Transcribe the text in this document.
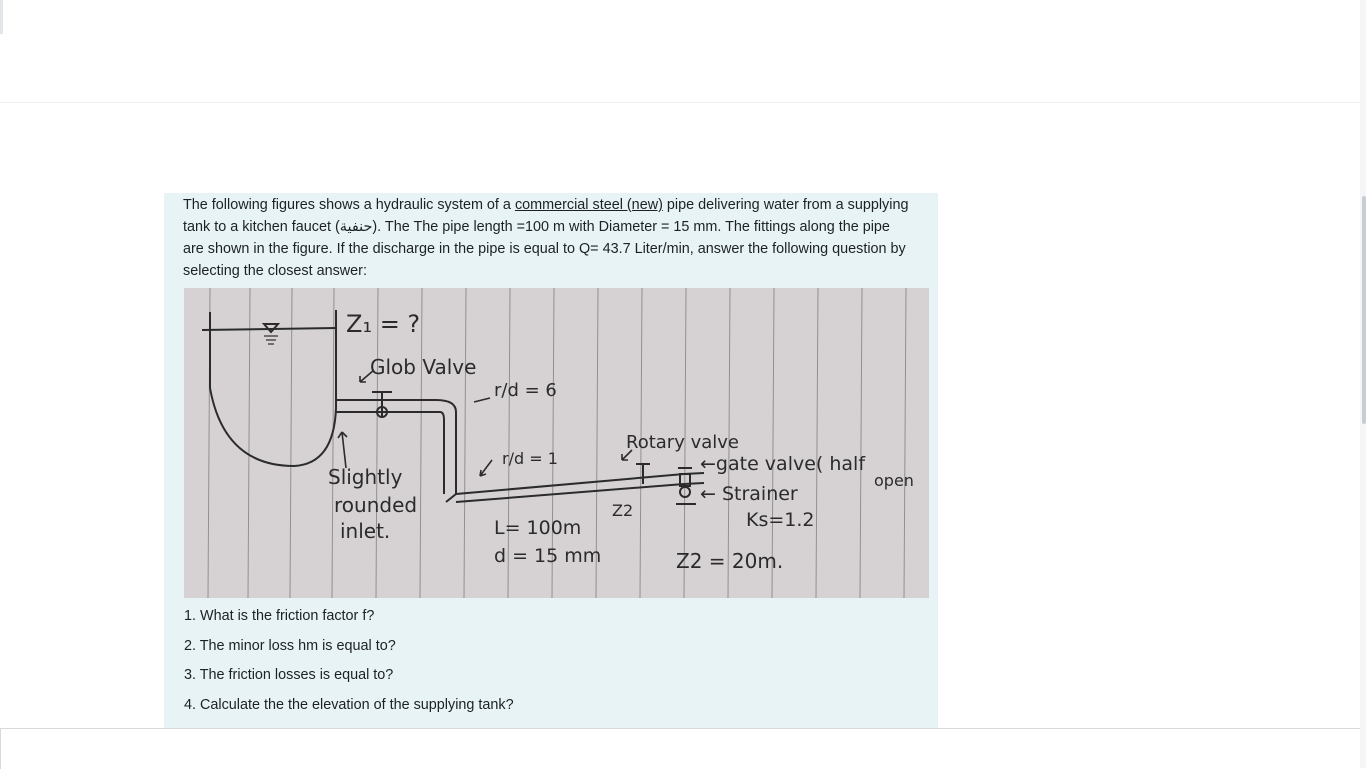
The following figures shows a hydraulic system of a commercial steel (new) pipe delivering water from a supplying tank to a kitchen faucet (حنفية). The The pipe length =100 m with Diameter = 15 mm. The fittings along the pipe are shown in the figure. If the discharge in the pipe is equal to Q= 43.7 Liter/min, answer the following question by selecting the closest answer:
Z₁ = ?
Glob Valve
r/d = 6
r/d = 1
Slightly
rounded
inlet.
Rotary valve
←gate valve( half
open
← Strainer
Ks=1.2
Z2
L= 100m
d = 15 mm	Z2 = 20m.
1. What is the friction factor f?
2. The minor loss hm is equal to?
3. The friction losses is equal to?
4. Calculate the the elevation of the supplying tank?
